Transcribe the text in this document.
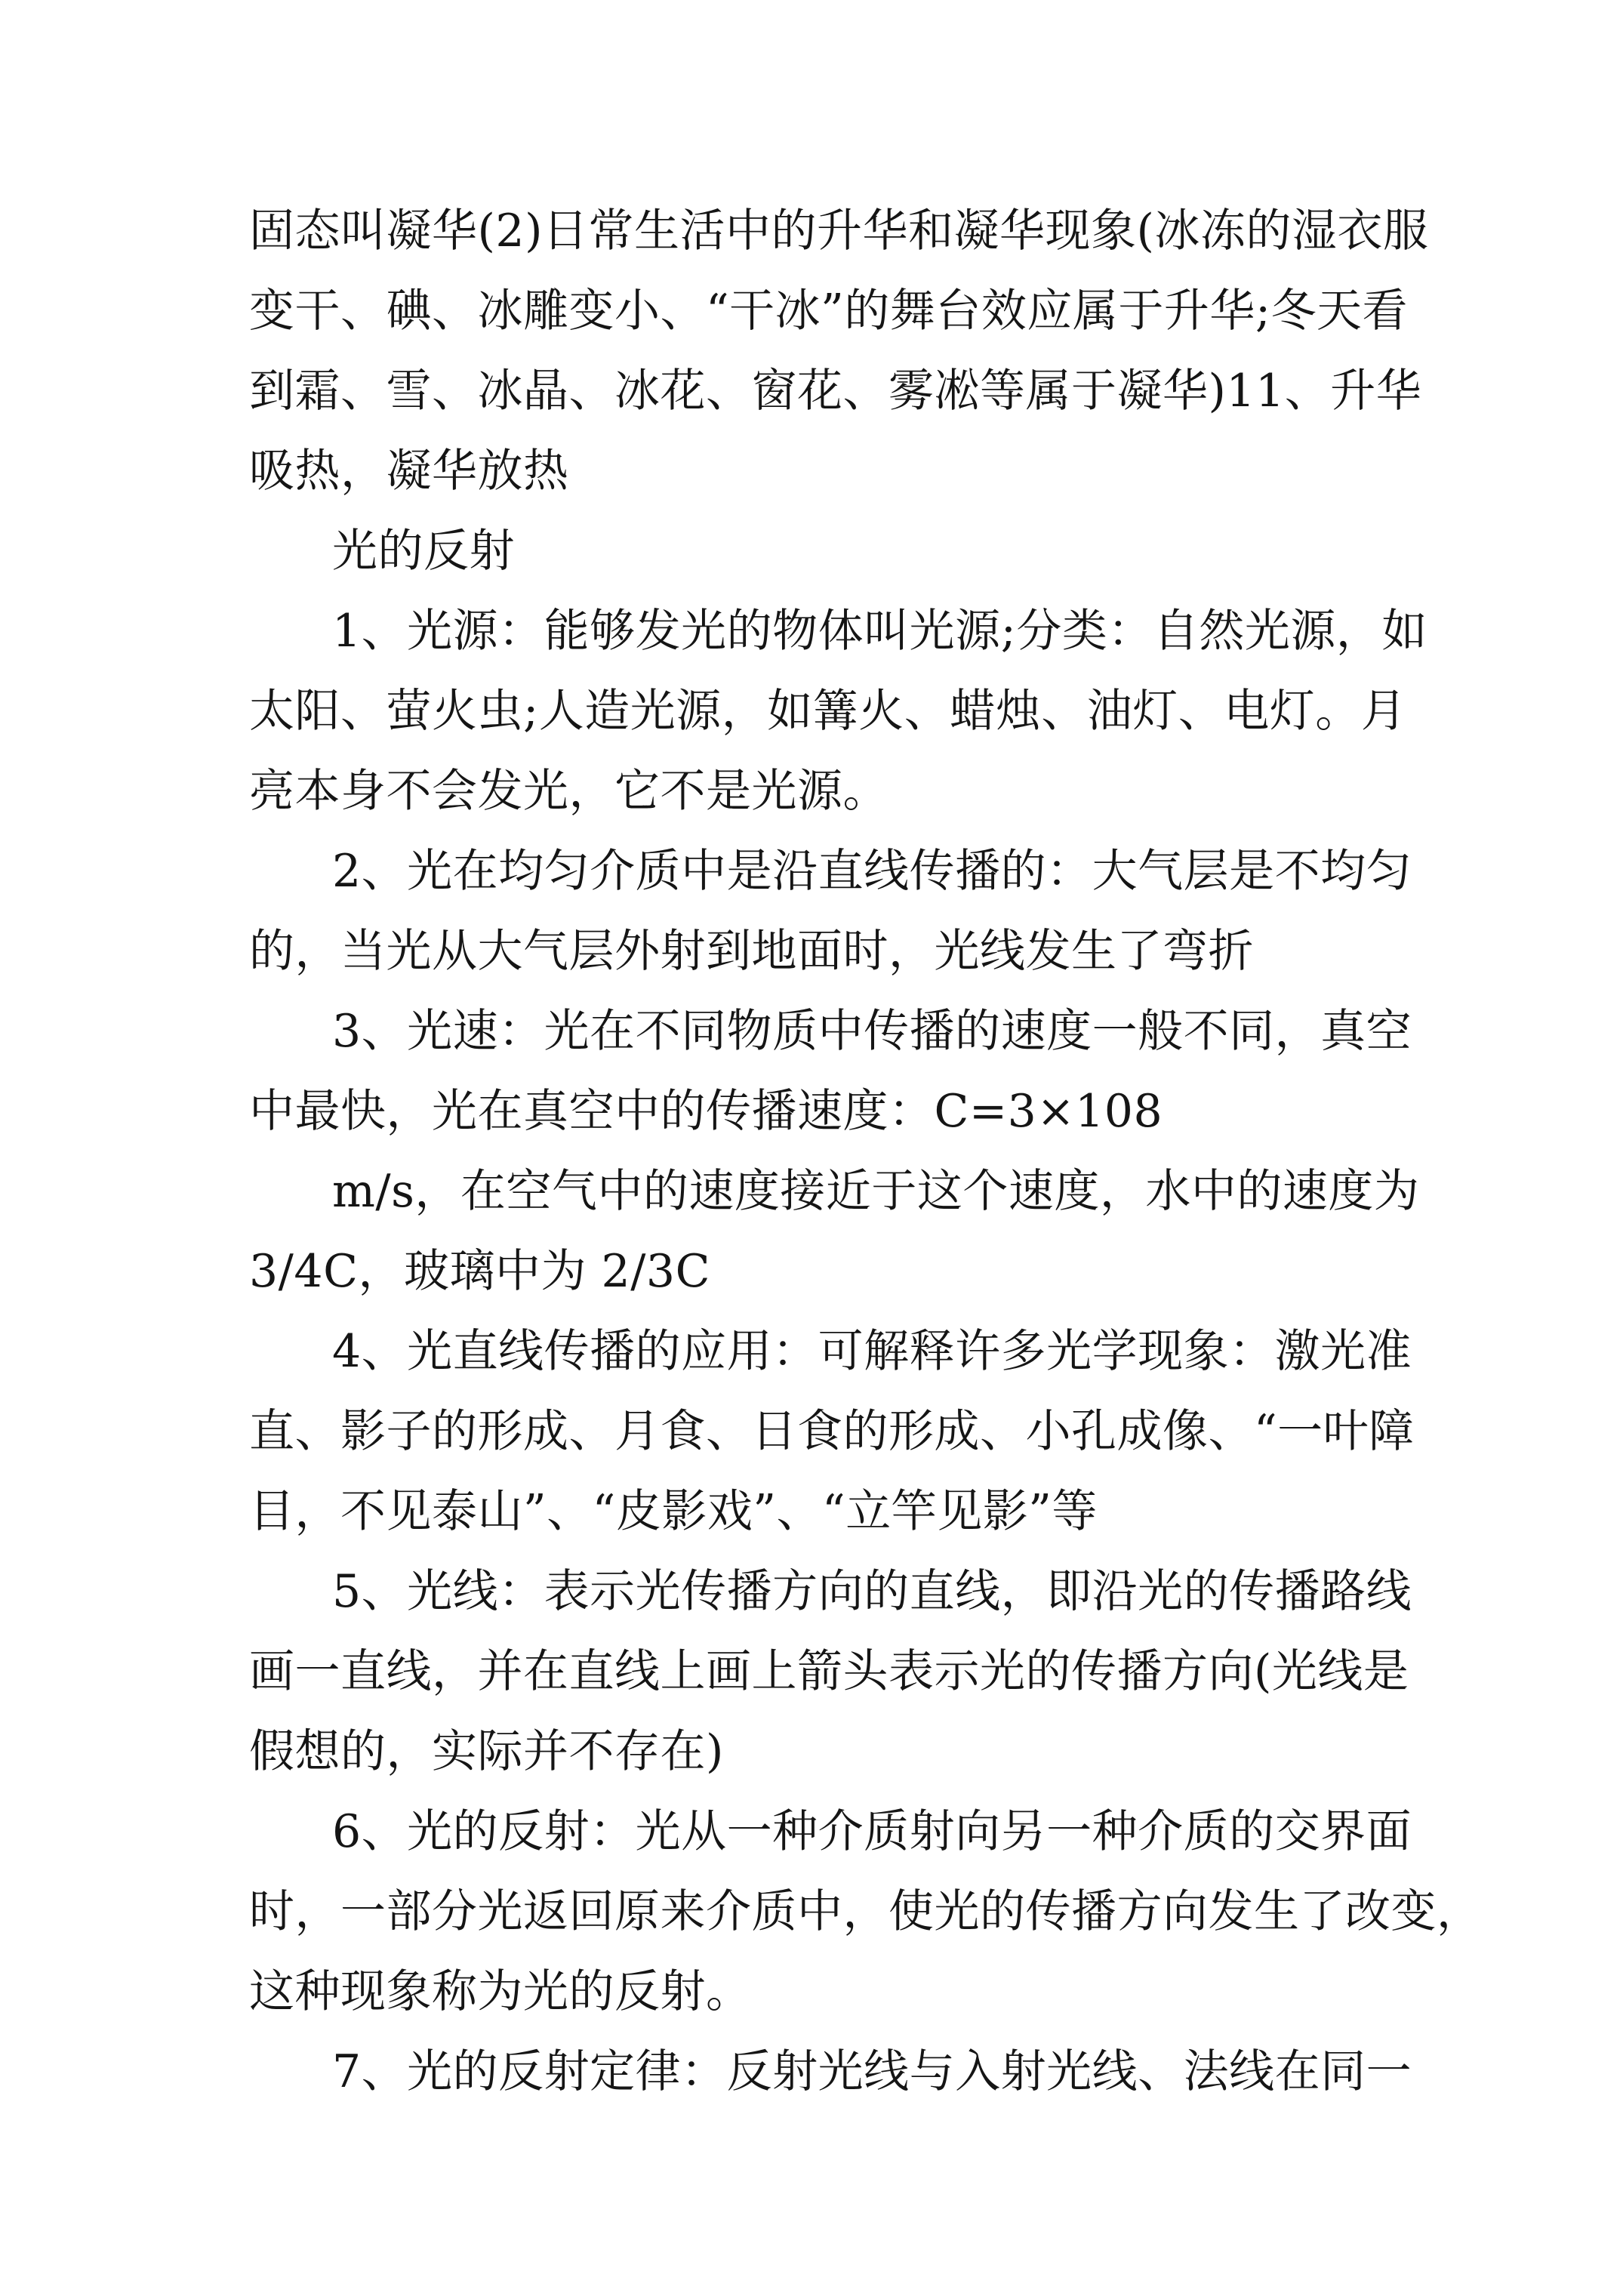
固态叫凝华(2)日常生活中的升华和凝华现象(冰冻的湿衣服
变干、碘、冰雕变小、“干冰”的舞台效应属于升华;冬天看
到霜、雪、冰晶、冰花、窗花、雾凇等属于凝华)11、升华
吸热，凝华放热
光的反射
1、光源：能够发光的物体叫光源;分类：自然光源，如
太阳、萤火虫;人造光源，如篝火、蜡烛、油灯、电灯。月
亮本身不会发光，它不是光源。
2、光在均匀介质中是沿直线传播的：大气层是不均匀
的，当光从大气层外射到地面时，光线发生了弯折
3、光速：光在不同物质中传播的速度一般不同，真空
中最快，光在真空中的传播速度：C=3×108
m/s，在空气中的速度接近于这个速度，水中的速度为
3/4C，玻璃中为 2/3C
4、光直线传播的应用：可解释许多光学现象：激光准
直、影子的形成、月食、日食的形成、小孔成像、“一叶障
目，不见泰山”、“皮影戏”、“立竿见影”等
5、光线：表示光传播方向的直线，即沿光的传播路线
画一直线，并在直线上画上箭头表示光的传播方向(光线是
假想的，实际并不存在)
6、光的反射：光从一种介质射向另一种介质的交界面
时，一部分光返回原来介质中，使光的传播方向发生了改变，
这种现象称为光的反射。
7、光的反射定律：反射光线与入射光线、法线在同一
